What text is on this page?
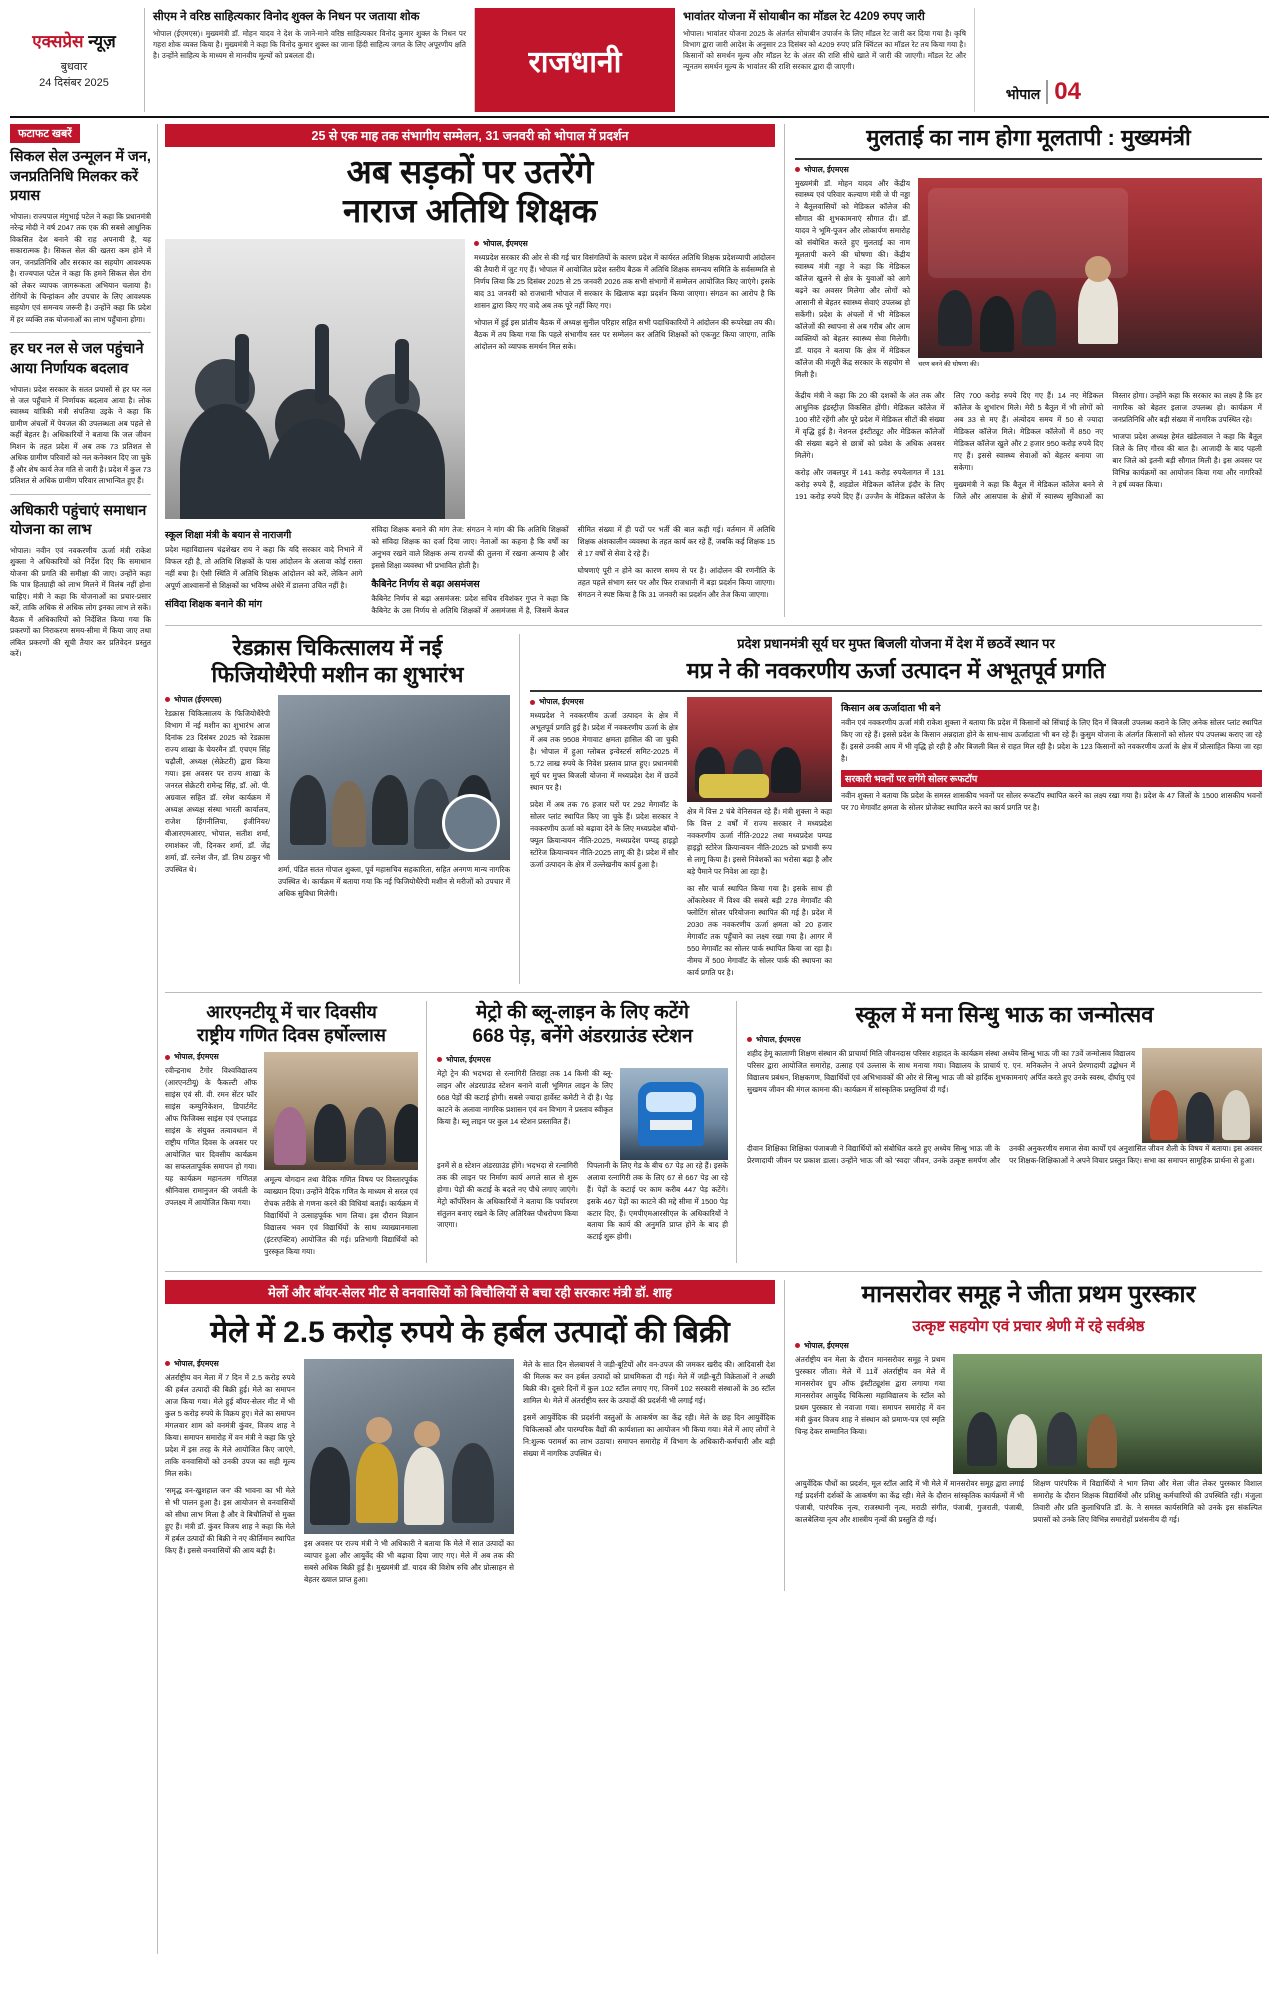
एक्सप्रेस न्यूज़
बुधवार
24 दिसंबर 2025
सीएम ने वरिष्ठ साहित्यकार विनोद शुक्ल के निधन पर जताया शोक

भोपाल (ईएमएस)। मुख्यमंत्री डॉ. मोहन यादव ने देश के जाने-माने वरिष्ठ साहित्यकार विनोद कुमार शुक्ल के निधन पर गहरा शोक व्यक्त किया है। मुख्यमंत्री ने कहा कि विनोद कुमार शुक्ल का जाना हिंदी साहित्य जगत के लिए अपूरणीय क्षति है। उन्होंने साहित्य के माध्यम से मानवीय मूल्यों को प्रबलता दी।	राजधानी
भावांतर योजना में सोयाबीन का मॉडल रेट 4209 रुपए जारी

भोपाल। भावांतर योजना 2025 के अंतर्गत सोयाबीन उपार्जन के लिए मॉडल रेट जारी कर दिया गया है। कृषि विभाग द्वारा जारी आदेश के अनुसार 23 दिसंबर को 4209 रुपए प्रति क्विंटल का मॉडल रेट तय किया गया है। किसानों को समर्थन मूल्य और मॉडल रेट के अंतर की राशि सीधे खाते में जारी की जाएगी। मॉडल रेट और न्यूनतम समर्थन मूल्य के भावांतर की राशि सरकार द्वारा दी जाएगी।

भोपाल 04
फटाफट खबरें
सिकल सेल उन्मूलन में जन, जनप्रतिनिधि मिलकर करें प्रयास

भोपाल। राज्यपाल मंगुभाई पटेल ने कहा कि प्रधानमंत्री नरेन्द्र मोदी ने वर्ष 2047 तक एक की सबसे आधुनिक विकसित देश बनाने की राह अपनायी है, यह सकारात्मक है। सिकल सेल की खतरा कम होने में जन, जनप्रतिनिधि और सरकार का सहयोग आवश्यक है। राज्यपाल पटेल ने कहा कि हमने सिकल सेल रोग को लेकर व्यापक जागरूकता अभियान चलाया है। रोगियों के चिन्हांकन और उपचार के लिए आवश्यक सहयोग एवं समन्वय जरूरी है। उन्होंने कहा कि प्रदेश में हर व्यक्ति तक योजनाओं का लाभ पहुँचाना होगा।

हर घर नल से जल पहुंचाने आया निर्णायक बदलाव

भोपाल। प्रदेश सरकार के सतत प्रयासों से हर घर नल से जल पहुँचाने में निर्णायक बदलाव आया है। लोक स्वास्थ्य यांत्रिकी मंत्री संपतिया उइके ने कहा कि ग्रामीण अंचलों में पेयजल की उपलब्धता अब पहले से कहीं बेहतर है। अधिकारियों ने बताया कि जल जीवन मिशन के तहत प्रदेश में अब तक 73 प्रतिशत से अधिक ग्रामीण परिवारों को नल कनेक्शन दिए जा चुके हैं और शेष कार्य तेज गति से जारी है। प्रदेश में कुल 73 प्रतिशत से अधिक ग्रामीण परिवार लाभान्वित हुए हैं।

अधिकारी पहुंचाएं समाधान योजना का लाभ

भोपाल। नवीन एवं नवकरणीय ऊर्जा मंत्री राकेश शुक्ला ने अधिकारियों को निर्देश दिए कि समाधान योजना की प्रगति की समीक्षा की जाए। उन्होंने कहा कि पात्र हितग्राही को लाभ मिलने में विलंब नहीं होना चाहिए। मंत्री ने कहा कि योजनाओं का प्रचार-प्रसार करें, ताकि अधिक से अधिक लोग इनका लाभ ले सकें। बैठक में अधिकारियों को निर्देशित किया गया कि प्रकरणों का निराकरण समय-सीमा में किया जाए तथा लंबित प्रकरणों की सूची तैयार कर प्रतिवेदन प्रस्तुत करें।

25 से एक माह तक संभागीय सम्मेलन, 31 जनवरी को भोपाल में प्रदर्शन
अब सड़कों पर उतरेंगे
नाराज अतिथि शिक्षक
भोपाल, ईएमएस

मध्यप्रदेश सरकार की ओर से की गई चार विसंगतियों के कारण प्रदेश में कार्यरत अतिथि शिक्षक प्रदेशव्यापी आंदोलन की तैयारी में जुट गए हैं। भोपाल में आयोजित प्रदेश स्तरीय बैठक में अतिथि शिक्षक समन्वय समिति के सर्वसम्मति से निर्णय लिया कि 25 दिसंबर 2025 से 25 जनवरी 2026 तक सभी संभागों में सम्मेलन आयोजित किए जाएंगे। इसके बाद 31 जनवरी को राजधानी भोपाल में सरकार के खिलाफ बड़ा प्रदर्शन किया जाएगा। संगठन का आरोप है कि शासन द्वारा किए गए वादे अब तक पूरे नहीं किए गए।

भोपाल में हुई इस प्रांतीय बैठक में अध्यक्ष सुनील परिहार सहित सभी पदाधिकारियों ने आंदोलन की रूपरेखा तय की। बैठक में तय किया गया कि पहले संभागीय स्तर पर सम्मेलन कर अतिथि शिक्षकों को एकजुट किया जाएगा, ताकि आंदोलन को व्यापक समर्थन मिल सके।

स्कूल शिक्षा मंत्री के बयान से नाराजगी

प्रदेश महाविद्यालय चंद्रशेखर राय ने कहा कि यदि सरकार वादे निभाने में विफल रही है, तो अतिथि शिक्षकों के पास आंदोलन के अलावा कोई रास्ता नहीं बचा है। ऐसी स्थिति में अतिथि शिक्षक आंदोलन को करें, लेकिन आगे अपूर्ण आश्वासनों से शिक्षकों का भविष्य अंधेरे में डालना उचित नहीं है।

संविदा शिक्षक बनाने की मांग

संविदा शिक्षक बनाने की मांग तेज: संगठन ने मांग की कि अतिथि शिक्षकों को संविदा शिक्षक का दर्जा दिया जाए। नेताओं का कहना है कि वर्षों का अनुभव रखने वाले शिक्षक अन्य राज्यों की तुलना में रखना अन्याय है और इससे शिक्षा व्यवस्था भी प्रभावित होती है।

कैबिनेट निर्णय से बढ़ा असमंजस

कैबिनेट निर्णय से बढ़ा असमंजस: प्रदेश सचिव रविशंकर गुप्त ने कहा कि कैबिनेट के उस निर्णय से अतिथि शिक्षकों में असमंजस में है, जिसमें केवल सीमित संख्या में ही पदों पर भर्ती की बात कही गई। वर्तमान में अतिथि शिक्षक अंशकालीन व्यवस्था के तहत कार्य कर रहे हैं, जबकि कई शिक्षक 15 से 17 वर्षों से सेवा दे रहे हैं।

घोषणाएं पूरी न होने का कारण समय से पर है। आंदोलन की रणनीति के तहत पहले संभाग स्तर पर और फिर राजधानी में बड़ा प्रदर्शन किया जाएगा। संगठन ने स्पष्ट किया है कि 31 जनवरी का प्रदर्शन और तेज किया जाएगा।

मुलताई का नाम होगा मूलतापी : मुख्यमंत्री
भोपाल, ईएमएस

मुख्यमंत्री डॉ. मोहन यादव और केंद्रीय स्वास्थ्य एवं परिवार कल्याण मंत्री जे पी नड्डा ने बैतूलवासियों को मेडिकल कॉलेज की सौगात की शुभकामनाएं सौगात दी। डॉ. यादव ने भूमि-पूजन और लोकार्पण समारोह को संबोधित करते हुए मुलताई का नाम मूलतापी करने की घोषणा की। केंद्रीय स्वास्थ्य मंत्री नड्डा ने कहा कि मेडिकल कॉलेज खुलने से क्षेत्र के युवाओं को आगे बढ़ने का अवसर मिलेगा और लोगों को आसानी से बेहतर स्वास्थ्य सेवाएं उपलब्ध हो सकेंगी। प्रदेश के अंचलों में भी मेडिकल कॉलेजों की स्थापना से अब गरीब और आम व्यक्तियों को बेहतर स्वास्थ्य सेवा मिलेगी। डॉ. यादव ने बताया कि क्षेत्र में मेडिकल कॉलेज की मंजूरी केंद्र सरकार के सहयोग से मिली है।

चरण बनने की घोषणा की।

केंद्रीय मंत्री ने कहा कि 20 की दशकों के अंत तक और आधुनिक इंडस्ट्रीज़ विकसित होंगी। मेडिकल कॉलेज में 100 सीटें रहेंगी और पूरे प्रदेश में मेडिकल सीटों की संख्या में वृद्धि हुई है। नेशनल इंस्टीट्यूट और मेडिकल कॉलेजों की संख्या बढ़ने से छात्रों को प्रवेश के अधिक अवसर मिलेंगे।

करोड़ और जबलपुर में 141 करोड़ रुपयेलागत में 131 करोड़ रुपये हैं, शहडोल मेडिकल कॉलेज इंदौर के लिए 191 करोड़ रुपये दिए हैं। उज्जैन के मेडिकल कॉलेज के लिए 700 करोड़ रुपये दिए गए हैं। 14 नए मेडिकल कॉलेज के शुभांरभ मिले। मेरी 5 बैतूल में भी लोगों को अब 33 से मए हैं। अंत्योदय समय में 50 से ज्यादा मेडिकल कॉलेज मिले। मेडिकल कॉलेजों में 850 नए मेडिकल कॉलेज खुले और 2 हजार 950 करोड़ रुपये दिए गए हैं। इससे स्वास्थ्य सेवाओं को बेहतर बनाया जा सकेगा।

मुख्यमंत्री ने कहा कि बैतूल में मेडिकल कॉलेज बनने से जिले और आसपास के क्षेत्रों में स्वास्थ्य सुविधाओं का विस्तार होगा। उन्होंने कहा कि सरकार का लक्ष्य है कि हर नागरिक को बेहतर इलाज उपलब्ध हो। कार्यक्रम में जनप्रतिनिधि और बड़ी संख्या में नागरिक उपस्थित रहे।

भाजपा प्रदेश अध्यक्ष हेमंत खंडेलवाल ने कहा कि बैतूल जिले के लिए गौरव की बात है। आजादी के बाद पहली बार जिले को इतनी बड़ी सौगात मिली है। इस अवसर पर विभिन्न कार्यक्रमों का आयोजन किया गया और नागरिकों ने हर्ष व्यक्त किया।

रेडक्रास चिकित्सालय में नई
फिजियोथैरेपी मशीन का शुभारंभ
भोपाल (ईएमएस)

रेडक्रास चिकित्सालय के फिजियोथैरेपी विभाग में नई मशीन का शुभारंभ आज दिनांक 23 दिसंबर 2025 को रेडक्रास राज्य शाखा के चेयरमैन डॉ. एचएम सिंह चढ़ौली, अध्यक्ष (सेक्रेटरी) द्वारा किया गया। इस अवसर पर राज्य शाखा के जनरल सेक्रेटरी रामेन्द्र सिंह, डॉ. ओ. पी. अग्रवाल सहित डॉ. रमेश कार्यक्रम में अध्यक्ष अध्यक्ष संस्था भारती कार्यालय, राजेश हिंगनीलिया, इंजीनियर/बीआरएमआरए, भोपाल, सतीश शर्मा, रमाशंकर जी, दिनकर शर्मा, डॉ. जेंद्र शर्मा, डॉ. रत्नेश जैन, डॉ. तिथ ठाकुर भी उपस्थित थे।	शर्मा, पंडित सतत गोपाल शुक्ला, पूर्व महासचिव सहकारिता, सहित अनगण मान्य नागरिक उपस्थित थे। कार्यक्रम में बताया गया कि नई फिजियोथैरेपी मशीन से मरीजों को उपचार में अधिक सुविधा मिलेगी।

प्रदेश प्रधानमंत्री सूर्य घर मुफ्त बिजली योजना में देश में छठवें स्थान पर
मप्र ने की नवकरणीय ऊर्जा उत्पादन में अभूतपूर्व प्रगति
भोपाल, ईएमएस

मध्यप्रदेश ने नवकरणीय ऊर्जा उत्पादन के क्षेत्र में अभूतपूर्व प्रगति हुई है। प्रदेश में नवकरणीय ऊर्जा के क्षेत्र में अब तक 9508 मेगावाट क्षमता हासिल की जा चुकी है। भोपाल में हुआ ग्लोबल इन्वेस्टर्स समिट-2025 में 5.72 लाख रुपये के निवेश प्रस्ताव प्राप्त हुए। प्रधानमंत्री सूर्य घर मुफ्त बिजली योजना में मध्यप्रदेश देश में छठवें स्थान पर है।

प्रदेश में अब तक 76 हजार घरों पर 292 मेगावॉट के सोलर प्लांट स्थापित किए जा चुके हैं। प्रदेश सरकार ने नवकरणीय ऊर्जा को बढ़ावा देने के लिए मध्यप्रदेश बॉयो-फ्यूल क्रियान्वयन नीति-2025, मध्यप्रदेश पम्पड् हाइड्रो स्टोरेज क्रियान्वयन नीति-2025 लागू की है। प्रदेश में सौर ऊर्जा उत्पादन के क्षेत्र में उल्लेखनीय कार्य हुआ है।

क्षेत्र में वित्त 2 चंबे वेनिसवल रहे हैं। मंत्री शुक्ला ने कहा कि वित्त 2 वर्षों में राज्य सरकार ने मध्यप्रदेश नवकरणीय ऊर्जा नीति-2022 तथा मध्यप्रदेश पम्पड हाइड्रो स्टोरेज क्रियान्वयन नीति-2025 को प्रभावी रूप से लागू किया है। इससे निवेशकों का भरोसा बढ़ा है और बड़े पैमाने पर निवेश आ रहा है।

का सौर चार्ज स्थापित किया गया है। इसके साथ ही ओंकारेश्वर में विश्व की सबसे बड़ी 278 मेगावॉट की फ्लोटिंग सोलर परियोजना स्थापित की गई है। प्रदेश में 2030 तक नवकरणीय ऊर्जा क्षमता को 20 हजार मेगावॉट तक पहुँचाने का लक्ष्य रखा गया है। आगर में 550 मेगावॉट का सोलर पार्क स्थापित किया जा रहा है। नीमच में 500 मेगावॉट के सोलर पार्क की स्थापना का कार्य प्रगति पर है।

किसान अब ऊर्जादाता भी बने

नवीन एवं नवकरणीय ऊर्जा मंत्री राकेश शुक्ला ने बताया कि प्रदेश में किसानों को सिंचाई के लिए दिन में बिजली उपलब्ध कराने के लिए अनेक सोलर प्लांट स्थापित किए जा रहे हैं। इससे प्रदेश के किसान अन्नदाता होने के साथ-साथ ऊर्जादाता भी बन रहे हैं। कुसुम योजना के अंतर्गत किसानों को सोलर पंप उपलब्ध कराए जा रहे हैं। इससे उनकी आय में भी वृद्धि हो रही है और बिजली बिल से राहत मिल रही है। प्रदेश के 123 किसानों को नवकरणीय ऊर्जा के क्षेत्र में प्रोत्साहित किया जा रहा है।

सरकारी भवनों पर लगेंगे सोलर रूफटॉप

नवीन शुक्ला ने बताया कि प्रदेश के समस्त शासकीय भवनों पर सोलर रूफटॉप स्थापित करने का लक्ष्य रखा गया है। प्रदेश के 47 जिलों के 1500 शासकीय भवनों पर 70 मेगावॉट क्षमता के सोलर प्रोजेक्ट स्थापित करने का कार्य प्रगति पर है।

आरएनटीयू में चार दिवसीय
राष्ट्रीय गणित दिवस हर्षोल्लास
भोपाल, ईएमएस

रवीन्द्रनाथ टैगोर विश्वविद्यालय (आरएनटीयू) के फैकल्टी ऑफ साइंस एवं सी. वी. रमन सेंटर फॉर साइंस कम्युनिकेशन, डिपार्टमेंट ऑफ फिजिक्स साइंस एवं एप्लाइड साइंस के संयुक्त तत्वावधान में राष्ट्रीय गणित दिवस के अवसर पर आयोजित चार दिवसीय कार्यक्रम का सफलतापूर्वक समापन हो गया। यह कार्यक्रम महानतम गणितज्ञ श्रीनिवास रामानुजन की जयंती के उपलक्ष्य में आयोजित किया गया।

अमूल्य योगदान तथा वैदिक गणित विषय पर विस्तारपूर्वक व्याख्यान दिया। उन्होंने वैदिक गणित के माध्यम से सरल एवं रोचक तरीके से गणना करने की विधियां बताईं। कार्यक्रम में विद्यार्थियों ने उत्साहपूर्वक भाग लिया। इस दौरान विज्ञान विद्यालय भवन एवं विद्यार्थियों के साथ व्याख्यानमाला (इंटरएक्टिव) आयोजित की गई। प्रतिभागी विद्यार्थियों को पुरस्कृत किया गया।

मेट्रो की ब्लू-लाइन के लिए कटेंगे
668 पेड़, बनेंगे अंडरग्राउंड स्टेशन
भोपाल, ईएमएस

मेट्रो ट्रेन की भदभदा से रत्नागिरी तिराहा तक 14 किमी की ब्लू-लाइन और अंडरग्राउंड स्टेशन बनाने वाली भूमिगत लाइन के लिए 668 पेड़ों की कटाई होगी। सबसे ज्यादा हार्वेस्ट कमेटी ने दी है। पेड़ काटने के अलावा नागरिक प्रशासन एवं वन विभाग ने प्रस्ताव स्वीकृत किया है। ब्लू लाइन पर कुल 14 स्टेशन प्रस्तावित हैं।

इनमें से 8 स्टेशन अंडरग्राउंड होंगे। भदभदा से रत्नागिरी तक की लाइन पर निर्माण कार्य अगले साल से शुरू होगा। पेड़ों की कटाई के बदले नए पौधे लगाए जाएंगे। मेट्रो कॉर्पोरेशन के अधिकारियों ने बताया कि पर्यावरण संतुलन बनाए रखने के लिए अतिरिक्त पौधरोपण किया जाएगा।

पिपलानी के लिए गेड के बीच 67 पेड़ आ रहे हैं। इसके अलावा रत्नागिरी तक के लिए 67 से 667 पेड़ आ रहे हैं। पेड़ों के कटाई पर काम करीब 447 पेड़ कटेंगे। इसके 467 पेड़ों का काटने की मद्दे सीमा में 1500 पेड़ कटार दिए, हैं। एमपीएमआरसीएल के अधिकारियों ने बताया कि कार्य की अनुमति प्राप्त होने के बाद ही कटाई शुरू होगी।

स्कूल में मना सिन्धु भाऊ का जन्मोत्सव
भोपाल, ईएमएस

शहीद हेमू कालाणी शिक्षण संस्थान की प्राचार्या मिति जीवनदास परिसर शहादत के कार्यक्रम संस्था अध्येय सिन्धु भाऊ जी का 73वें जन्मोत्सव विद्यालय परिसर द्वारा आयोजित समारोह, उत्साह एवं उल्लास के साथ मनाया गया। विद्यालय के प्राचार्य ए. एन. मनिकलेन ने अपने प्रेरणादायी उद्बोधन में विद्यालय प्रबंधन, शिक्षकगण, विद्यार्थियों एवं अभिभावकों की ओर से सिन्धु भाऊ जी को हार्दिक शुभकामनाएं अर्पित करते हुए उनके स्वस्थ, दीर्घायु एवं सुखमय जीवन की मंगल कामना की। कार्यक्रम में सांस्कृतिक प्रस्तुतियां दी गईं।

दीवान शिक्षिका शिक्षिका पंजाबजी ने विद्यार्थियों को संबोधित करते हुए अध्येय सिन्धु भाऊ जी के प्रेरणादायी जीवन पर प्रकाश डाला। उन्होंने भाऊ जी को 'स्वदा' जीवन, उनके उत्कृष्ट समर्पण और उनकी अनुकरणीय समाज सेवा कार्यों एवं अनुशासित जीवन शैली के विषय में बताया। इस अवसर पर शिक्षक-शिक्षिकाओं ने अपने विचार प्रस्तुत किए। सभा का समापन सामूहिक प्रार्थना से हुआ।

मेलों और बॉयर-सेलर मीट से वनवासियों को बिचौलियों से बचा रही सरकारः मंत्री डॉ. शाह
मेले में 2.5 करोड़ रुपये के हर्बल उत्पादों की बिक्री
भोपाल, ईएमएस

अंतर्राष्ट्रीय वन मेला में 7 दिन में 2.5 करोड़ रुपये की हर्बल उत्पादों की बिक्री हुई। मेले का समापन आज किया गया। मेले हुई बॉयर-सेलर मीट में भी कुल 5 करोड़ रुपये के विक्रय हुए। मेले का समापन मंगलवार शाम को वनमंत्री कुंवर, विजय शाह ने किया। समापन समारोह में वन मंत्री ने कहा कि पूरे प्रदेश में इस तरह के मेले आयोजित किए जाएंगे, ताकि वनवासियों को उनकी उपज का सही मूल्य मिल सके।

'समृद्ध वन-खुशहाल जन' की भावना का भी मेले से भी पालन हुआ है। इस आयोजन से वनवासियों को सीधा लाभ मिला है और वे बिचौलियों से मुक्त हुए हैं। मंत्री डॉ. कुंवर विजय शाह ने कहा कि मेले में हर्बल उत्पादों की बिक्री ने नए कीर्तिमान स्थापित किए हैं। इससे वनवासियों की आय बढ़ी है।

इस अवसर पर राज्य मंत्री ने भी अधिकारी ने बताया कि मेले में सात उत्पादों का व्यापार हुआ और आयुर्वेद की भी बढ़ावा दिया जाए गए। मेले में अब तक की सबसे अधिक बिक्री हुई है। मुख्यमंत्री डॉ. यादव की विशेष रुचि और प्रोत्साहन से बेहतर ख्याल प्राप्त हुआ।

मेले के सात दिन सेलबायर्स ने जड़ी-बूटियों और वन-उपज की जमकर खरीद की। आदिवासी देश की मिलक कर वन हर्बल उत्पादों को प्राथमिकता दी गई। मेले में जड़ी-बूटी विक्रेताओं ने अच्छी बिक्री की। दूसरे दिनों में कुल 102 स्टॉल लगाए गए, जिनमें 102 सरकारी संस्थाओं के 36 स्टॉल शामिल थे। मेले में अंतर्राष्ट्रीय स्तर के उत्पादों की प्रदर्शनी भी लगाई गई।

इसमें आयुर्वेदिक की प्रदर्शनी वस्तुओं के आकर्षण का केंद्र रही। मेले के छह दिन आयुर्वेदिक चिकित्सकों और पारम्परिक वैद्यों की कार्यशाला का आयोजन भी किया गया। मेले में आए लोगों ने नि:शुल्क परामर्श का लाभ उठाया। समापन समारोह में विभाग के अधिकारी-कर्मचारी और बड़ी संख्या में नागरिक उपस्थित थे।

मानसरोवर समूह ने जीता प्रथम पुरस्कार
उत्कृष्ट सहयोग एवं प्रचार श्रेणी में रहे सर्वश्रेष्ठ
भोपाल, ईएमएस

अंतर्राष्ट्रीय वन मेला के दौरान मानसरोवर समूह ने प्रथम पुरस्कार जीता। मेले में 11वें अंतर्राष्ट्रीय वन मेले में मानसरोवर ग्रुप ऑफ इंस्टीट्यूशंस द्वारा लगाया गया मानसरोवर आयुर्वेद चिकित्सा महाविद्यालय के स्टॉल को प्रथम पुरस्कार से नवाजा गया। समापन समारोह में वन मंत्री कुंवर विजय शाह ने संस्थान को प्रमाण-पत्र एवं स्मृति चिन्ह देकर सम्मानित किया।

आयुर्वेदिक पौधों का प्रदर्शन, मूल स्टॉल आदि में भी मेले में मानसरोवर समूह द्वारा लगाई गई प्रदर्शनी दर्शकों के आकर्षण का केंद्र रही। मेले के दौरान सांस्कृतिक कार्यक्रमों में भी पंजाबी, पारंपरिक नृत्य, राजस्थानी नृत्य, मराठी संगीत, पंजाबी, गुजराती, पंजाबी, कालबेलिया नृत्य और शास्त्रीय नृत्यों की प्रस्तुति दी गई।

शिक्षण पारंपरिक में विद्यार्थियों ने भाग लिया और मेला जीत लेकर पुरस्कार विशाल समारोह के दौरान शिक्षक विद्यार्थियों और प्रशिक्षु कर्मचारियों की उपस्थिति रही। मंजुला तिवारी और प्रति कुलाधिपति डॉ. के. ने समस्त कार्यसमिति को उनके इस संकल्पित प्रयासों को उनके लिए विभिन्न समारोहों प्रशंसनीय दी गई।
